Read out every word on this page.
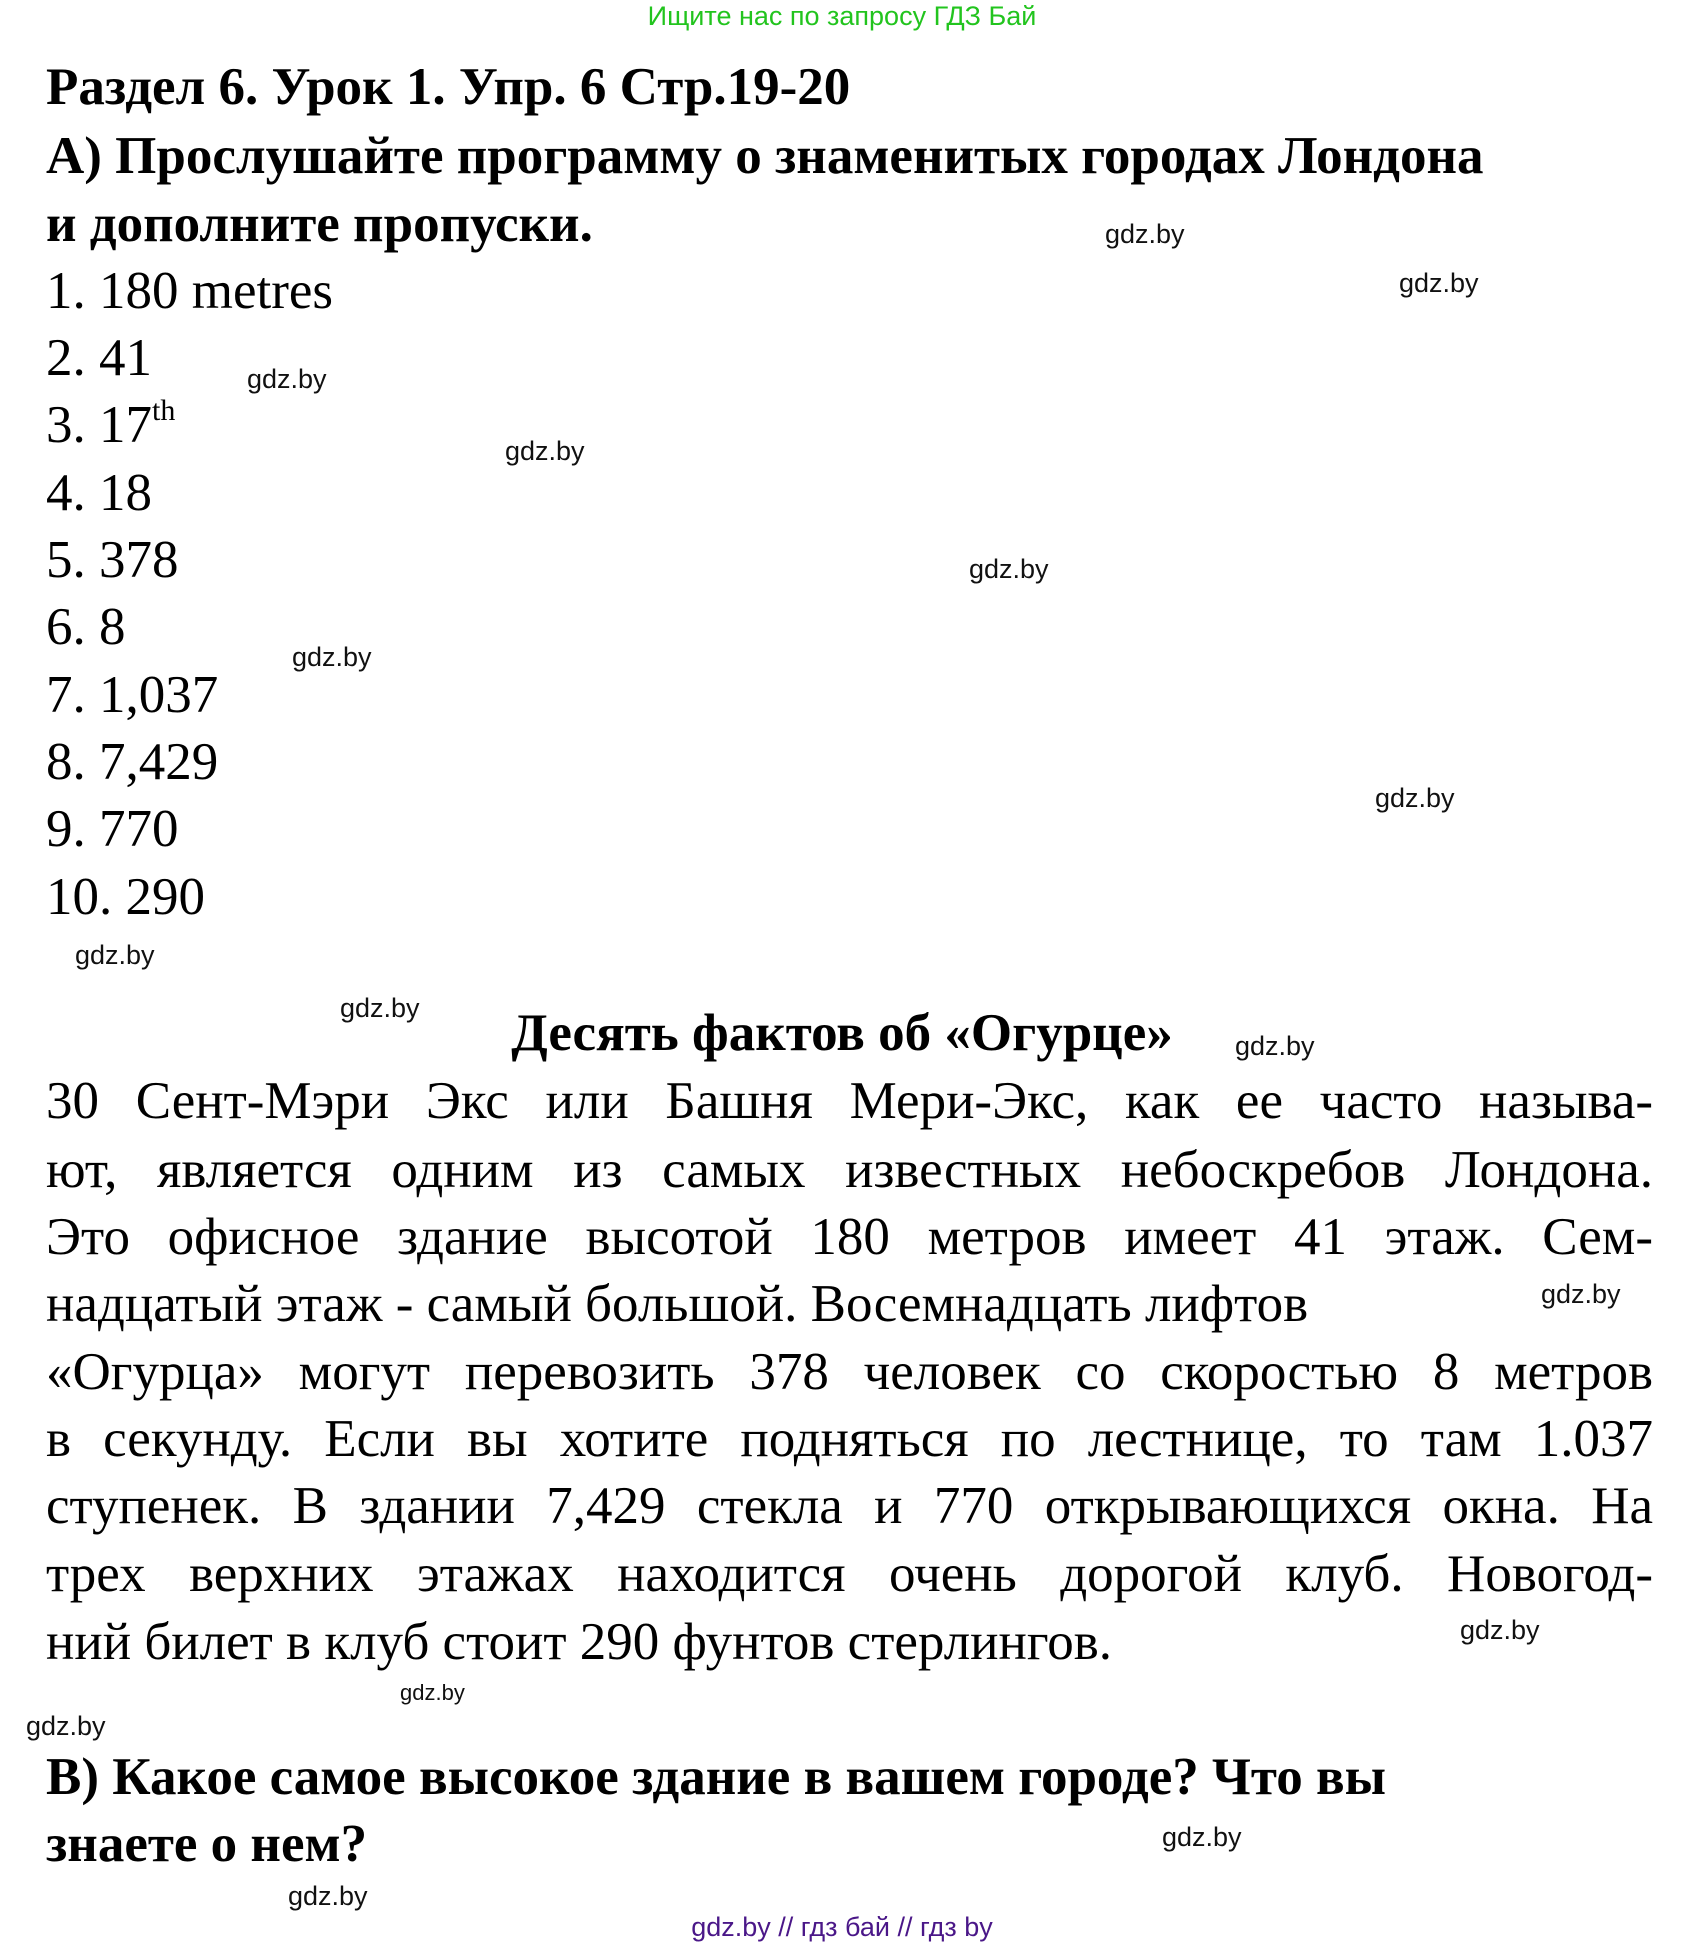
Ищите нас по запросу ГДЗ Бай
Раздел 6. Урок 1. Упр. 6 Стр.19-20
А) Прослушайте программу о знаменитых городах Лондона
и дополните пропуски.
1. 180 metres
2. 41
3. 17th
4. 18
5. 378
6. 8
7. 1,037
8. 7,429
9. 770
10. 290
Десять фактов об «Огурце»
30 Сент-Мэри Экс или Башня Мери-Экс, как ее часто называ-
ют, является одним из самых известных небоскребов Лондона.
Это офисное здание высотой 180 метров имеет 41 этаж. Сем-
надцатый этаж - самый большой. Восемнадцать лифтов
«Огурца» могут перевозить 378 человек со скоростью 8 метров
в секунду. Если вы хотите подняться по лестнице, то там 1.037
ступенек. В здании 7,429 стекла и 770 открывающихся окна. На
трех верхних этажах находится очень дорогой клуб. Новогод-
ний билет в клуб стоит 290 фунтов стерлингов.
В) Какое самое высокое здание в вашем городе? Что вы
знаете о нем?
gdz.by
gdz.by
gdz.by
gdz.by
gdz.by
gdz.by
gdz.by
gdz.by
gdz.by
gdz.by
gdz.by
gdz.by
gdz.by
gdz.by
gdz.by
gdz.by
gdz.by // гдз бай // гдз by
